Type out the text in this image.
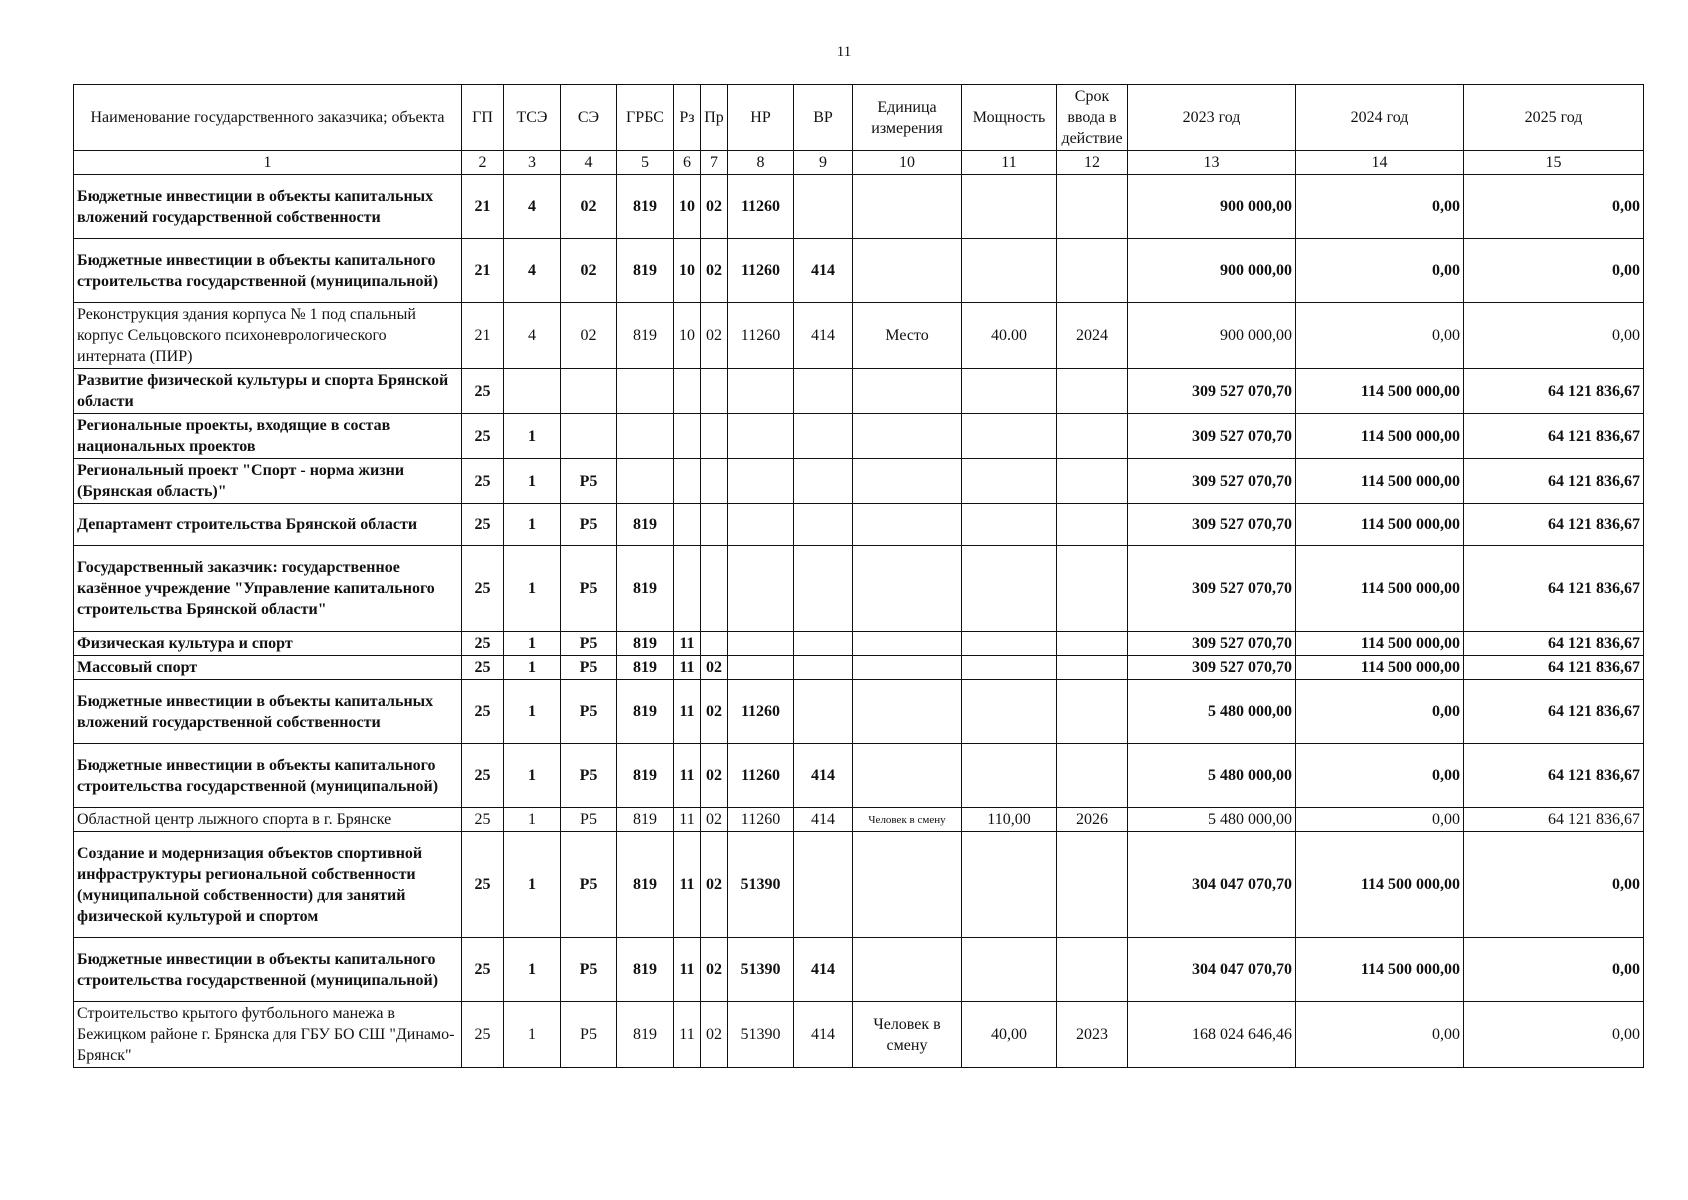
11
Наименование государственного заказчика; объекта	ГП	ТСЭ	СЭ	ГРБС	Рз	Пр	НР	ВР	Единица измерения	Мощность	Срок ввода в действие	2023 год	2024 год	2025 год
1	2	3	4	5	6	7	8	9	10	11	12	13	14	15
Бюджетные инвестиции в объекты капитальных вложений государственной собственности	21	4	02	819	10	02	11260					900 000,00	0,00	0,00
Бюджетные инвестиции в объекты капитального строительства государственной (муниципальной)	21	4	02	819	10	02	11260	414				900 000,00	0,00	0,00
Реконструкция здания корпуса № 1 под спальный корпус Сельцовского психоневрологического интерната (ПИР)	21	4	02	819	10	02	11260	414	Место	40.00	2024	900 000,00	0,00	0,00
Развитие физической культуры и спорта Брянской области	25											309 527 070,70	114 500 000,00	64 121 836,67
Региональные проекты, входящие в состав национальных проектов	25	1										309 527 070,70	114 500 000,00	64 121 836,67
Региональный проект "Спорт - норма жизни (Брянская область)"	25	1	P5									309 527 070,70	114 500 000,00	64 121 836,67
Департамент строительства Брянской области	25	1	P5	819								309 527 070,70	114 500 000,00	64 121 836,67
Государственный заказчик: государственное казённое учреждение "Управление капитального строительства Брянской области"	25	1	P5	819								309 527 070,70	114 500 000,00	64 121 836,67
Физическая культура и спорт	25	1	P5	819	11							309 527 070,70	114 500 000,00	64 121 836,67
Массовый спорт	25	1	P5	819	11	02						309 527 070,70	114 500 000,00	64 121 836,67
Бюджетные инвестиции в объекты капитальных вложений государственной собственности	25	1	P5	819	11	02	11260					5 480 000,00	0,00	64 121 836,67
Бюджетные инвестиции в объекты капитального строительства государственной (муниципальной)	25	1	P5	819	11	02	11260	414				5 480 000,00	0,00	64 121 836,67
Областной центр лыжного спорта в г. Брянске	25	1	P5	819	11	02	11260	414	Человек в смену	110,00	2026	5 480 000,00	0,00	64 121 836,67
Создание и модернизация объектов спортивной инфраструктуры региональной собственности (муниципальной собственности) для занятий физической культурой и спортом	25	1	P5	819	11	02	51390					304 047 070,70	114 500 000,00	0,00
Бюджетные инвестиции в объекты капитального строительства государственной (муниципальной)	25	1	P5	819	11	02	51390	414				304 047 070,70	114 500 000,00	0,00
Строительство крытого футбольного манежа в Бежицком районе г. Брянска для ГБУ БО СШ "Динамо-Брянск"	25	1	P5	819	11	02	51390	414	Человек в смену	40,00	2023	168 024 646,46	0,00	0,00
